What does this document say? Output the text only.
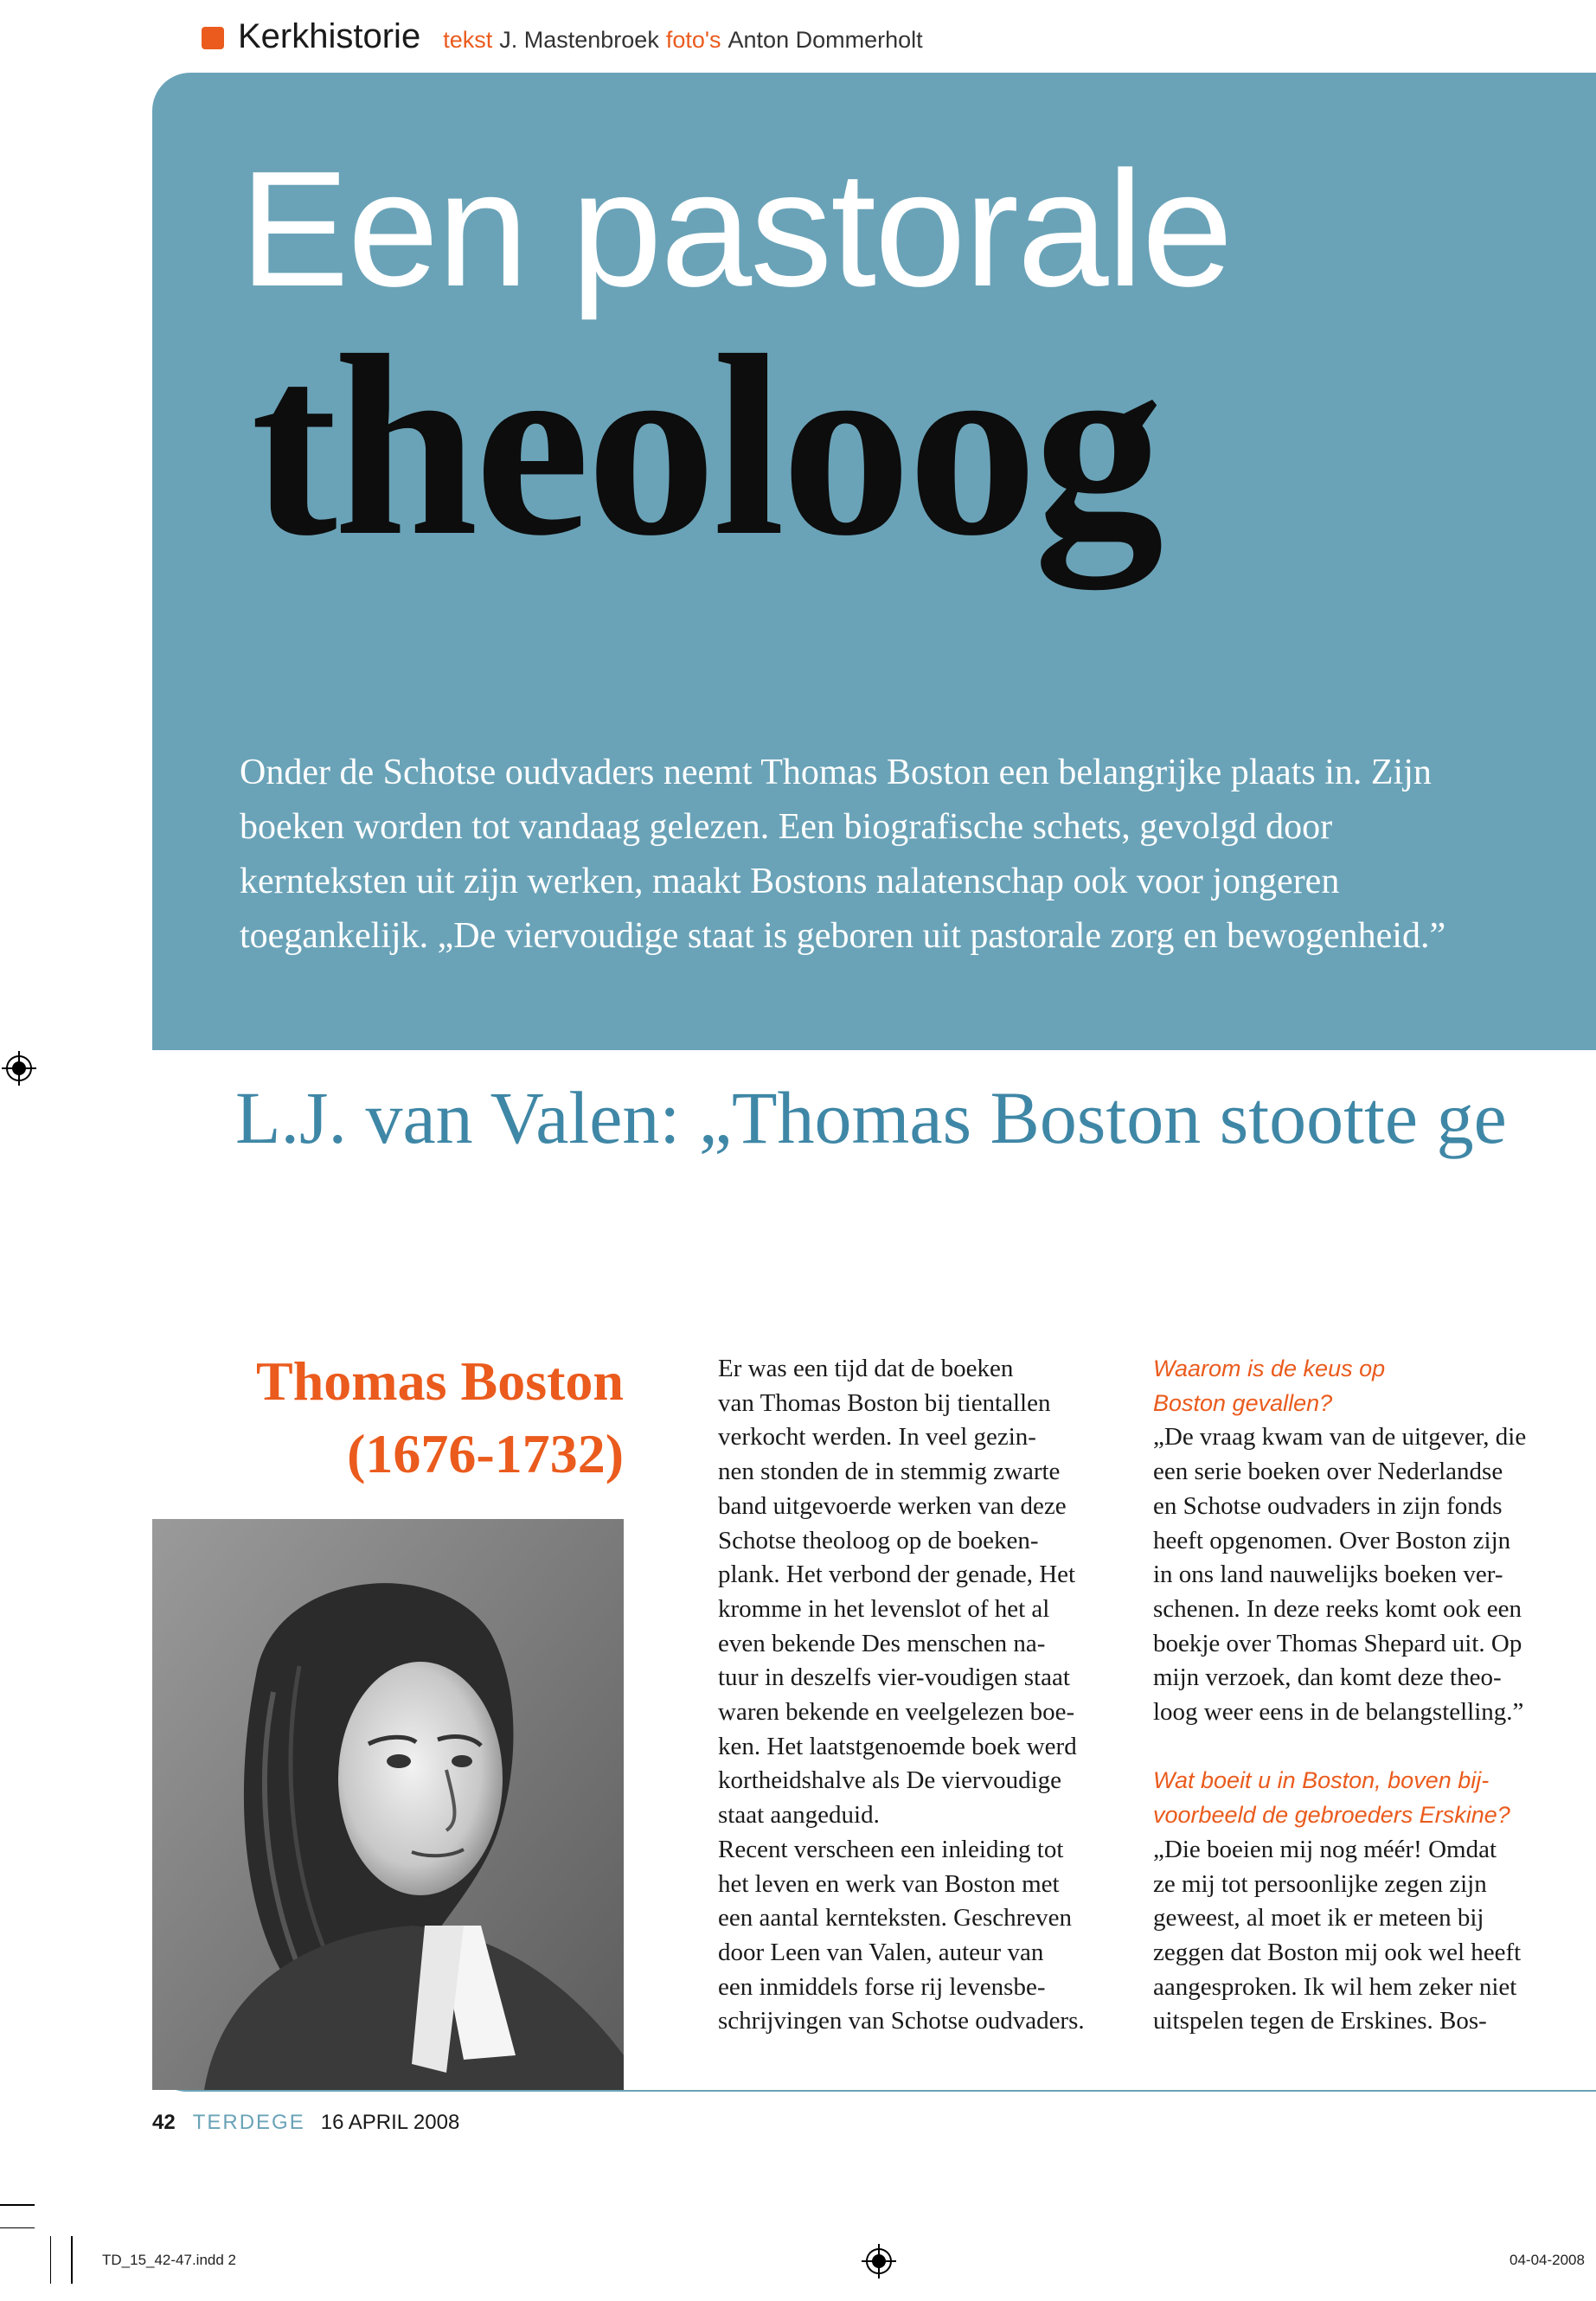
Kerkhistorie tekst J. Mastenbroek foto's Anton Dommerholt
Een pastorale
theoloog

Onder de Schotse oudvaders neemt Thomas Boston een belangrijke plaats in. Zijn boeken worden tot vandaag gelezen. Een biografische schets, gevolgd door kernteksten uit zijn werken, maakt Bostons nalatenschap ook voor jongeren toegankelijk. „De viervoudige staat is geboren uit pastorale zorg en bewogenheid.”

L.J. van Valen: „Thomas Boston stootte ge
Thomas Boston
(1676-1732)
Er was een tijd dat de boeken
van Thomas Boston bij tientallen
verkocht werden. In veel gezin-
nen stonden de in stemmig zwarte
band uitgevoerde werken van deze
Schotse theoloog op de boeken-
plank. Het verbond der genade, Het
kromme in het levenslot of het al
even bekende Des menschen na-
tuur in deszelfs vier-voudigen staat
waren bekende en veelgelezen boe-
ken. Het laatstgenoemde boek werd
kortheidshalve als De viervoudige
staat aangeduid.
Recent verscheen een inleiding tot
het leven en werk van Boston met
een aantal kernteksten. Geschreven
door Leen van Valen, auteur van
een inmiddels forse rij levensbe-
schrijvingen van Schotse oudvaders.
Waarom is de keus op
Boston gevallen?
„De vraag kwam van de uitgever, die
een serie boeken over Nederlandse
en Schotse oudvaders in zijn fonds
heeft opgenomen. Over Boston zijn
in ons land nauwelijks boeken ver-
schenen. In deze reeks komt ook een
boekje over Thomas Shepard uit. Op
mijn verzoek, dan komt deze theo-
loog weer eens in de belangstelling.”
Wat boeit u in Boston, boven bij-
voorbeeld de gebroeders Erskine?
„Die boeien mij nog méér! Omdat
ze mij tot persoonlijke zegen zijn
geweest, al moet ik er meteen bij
zeggen dat Boston mij ook wel heeft
aangesproken. Ik wil hem zeker niet
uitspelen tegen de Erskines. Bos-
42 TERDEGE 16 APRIL 2008
TD_15_42-47.indd 2	04-04-2008
